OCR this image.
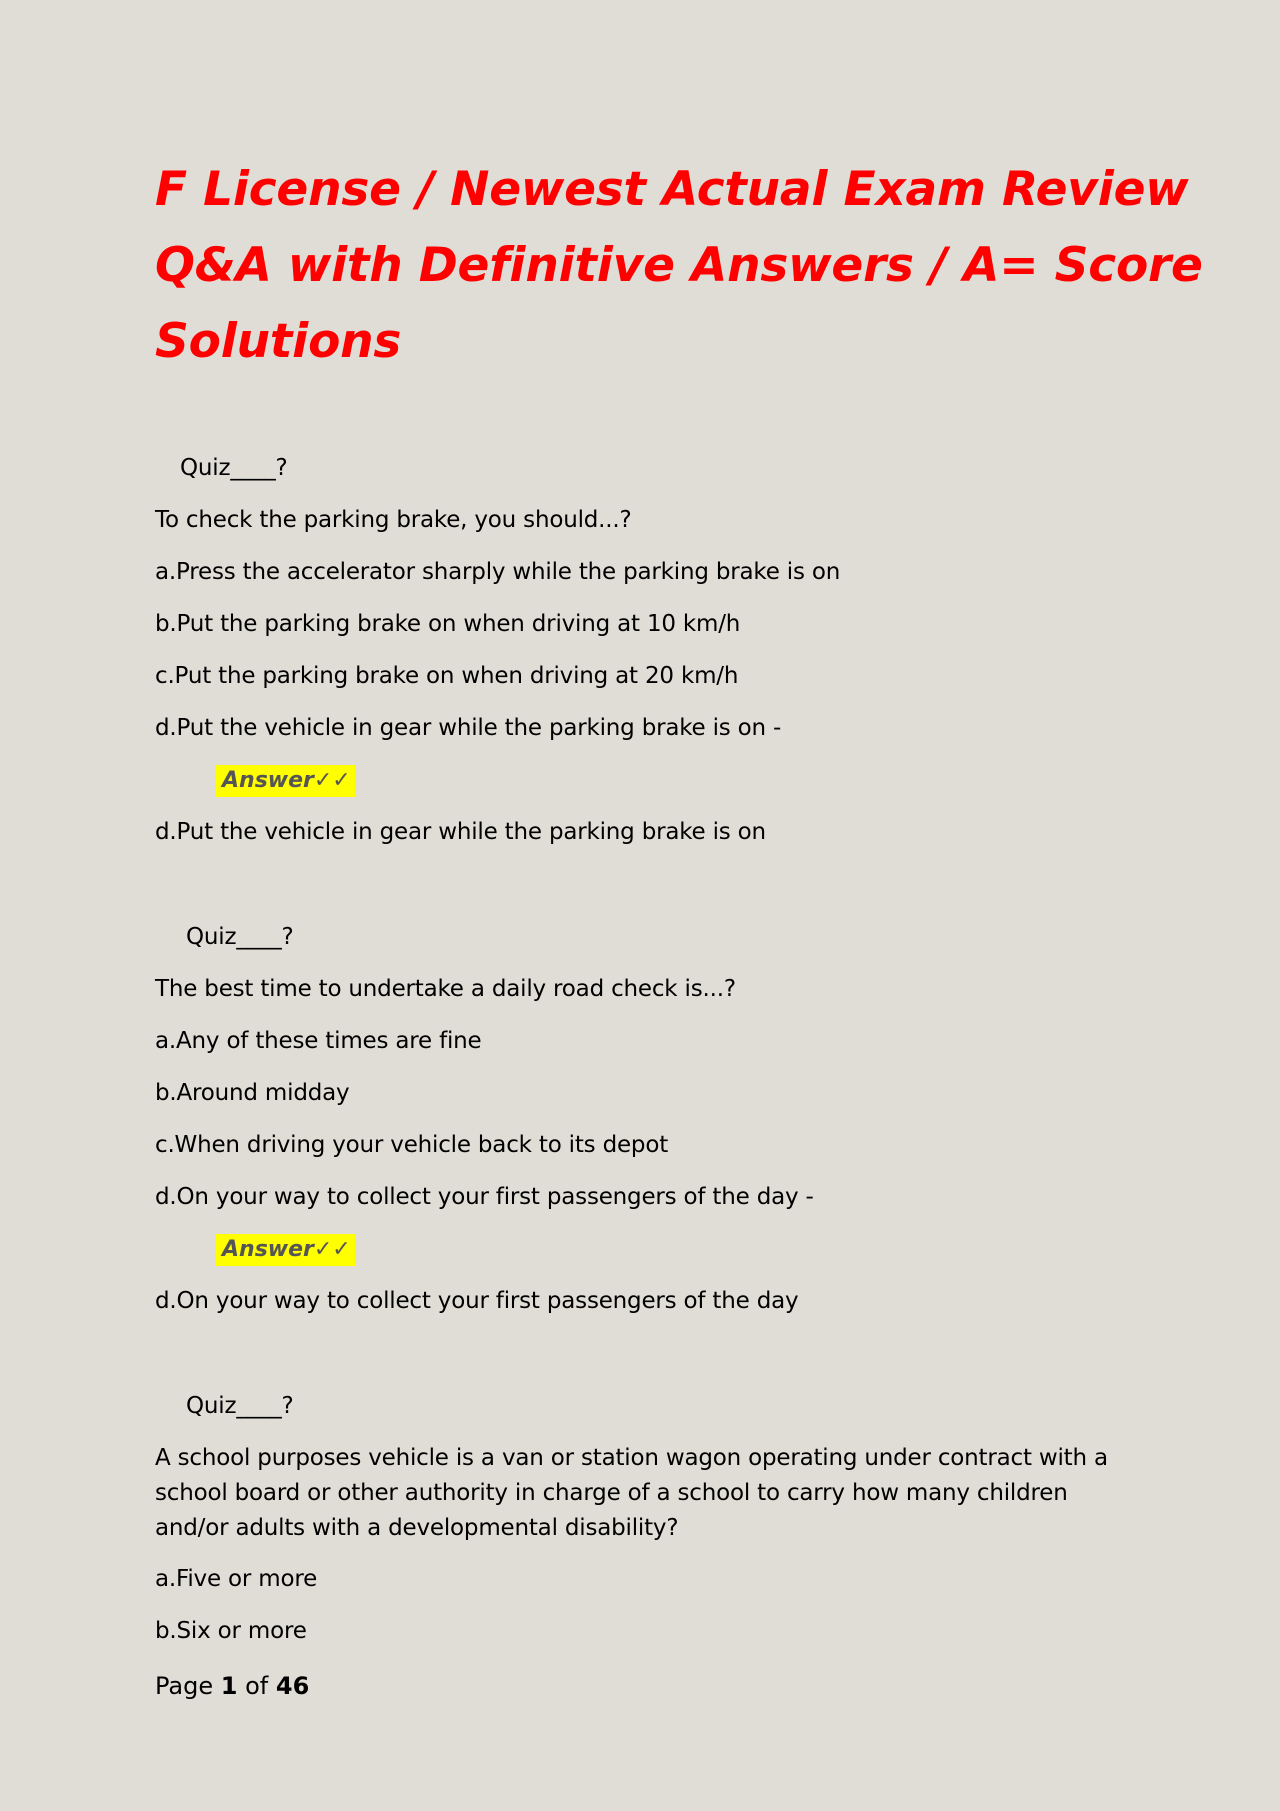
F License / Newest Actual Exam Review
Q&A with Definitive Answers / A= Score
Solutions

Quiz____?

To check the parking brake, you should...?

a.Press the accelerator sharply while the parking brake is on

b.Put the parking brake on when driving at 10 km/h

c.Put the parking brake on when driving at 20 km/h

d.Put the vehicle in gear while the parking brake is on -

Answer✓✓

d.Put the vehicle in gear while the parking brake is on

Quiz____?

The best time to undertake a daily road check is...?

a.Any of these times are fine

b.Around midday

c.When driving your vehicle back to its depot

d.On your way to collect your first passengers of the day -

Answer✓✓

d.On your way to collect your first passengers of the day

Quiz____?

A school purposes vehicle is a van or station wagon operating under contract with a school board or other authority in charge of a school to carry how many children and/or adults with a developmental disability?

a.Five or more

b.Six or more

Page 1 of 46
